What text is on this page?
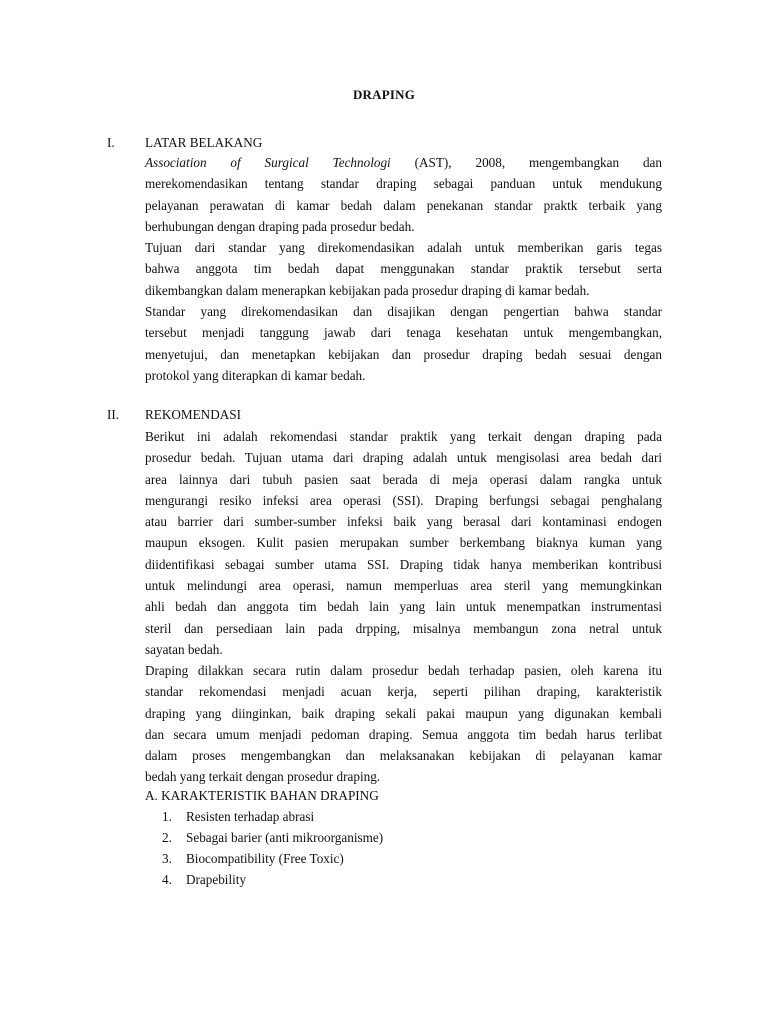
DRAPING
I. LATAR BELAKANG
Association of Surgical Technologi (AST), 2008, mengembangkan dan
merekomendasikan tentang standar draping sebagai panduan untuk mendukung
pelayanan perawatan di kamar bedah dalam penekanan standar praktk terbaik yang
berhubungan dengan draping pada prosedur bedah.
Tujuan dari standar yang direkomendasikan adalah untuk memberikan garis tegas
bahwa anggota tim bedah dapat menggunakan standar praktik tersebut serta
dikembangkan dalam menerapkan kebijakan pada prosedur draping di kamar bedah.
Standar yang direkomendasikan dan disajikan dengan pengertian bahwa standar
tersebut menjadi tanggung jawab dari tenaga kesehatan untuk mengembangkan,
menyetujui, dan menetapkan kebijakan dan prosedur draping bedah sesuai dengan
protokol yang diterapkan di kamar bedah.
II. REKOMENDASI
Berikut ini adalah rekomendasi standar praktik yang terkait dengan draping pada
prosedur bedah. Tujuan utama dari draping adalah untuk mengisolasi area bedah dari
area lainnya dari tubuh pasien saat berada di meja operasi dalam rangka untuk
mengurangi resiko infeksi area operasi (SSI). Draping berfungsi sebagai penghalang
atau barrier dari sumber-sumber infeksi baik yang berasal dari kontaminasi endogen
maupun eksogen. Kulit pasien merupakan sumber berkembang biaknya kuman yang
diidentifikasi sebagai sumber utama SSI. Draping tidak hanya memberikan kontribusi
untuk melindungi area operasi, namun memperluas area steril yang memungkinkan
ahli bedah dan anggota tim bedah lain yang lain untuk menempatkan instrumentasi
steril dan persediaan lain pada drpping, misalnya membangun zona netral untuk
sayatan bedah.
Draping dilakkan secara rutin dalam prosedur bedah terhadap pasien, oleh karena itu
standar rekomendasi menjadi acuan kerja, seperti pilihan draping, karakteristik
draping yang diinginkan, baik draping sekali pakai maupun yang digunakan kembali
dan secara umum menjadi pedoman draping. Semua anggota tim bedah harus terlibat
dalam proses mengembangkan dan melaksanakan kebijakan di pelayanan kamar
bedah yang terkait dengan prosedur draping.
A. KARAKTERISTIK BAHAN DRAPING
1. Resisten terhadap abrasi
2. Sebagai barier (anti mikroorganisme)
3. Biocompatibility (Free Toxic)
4. Drapebility
